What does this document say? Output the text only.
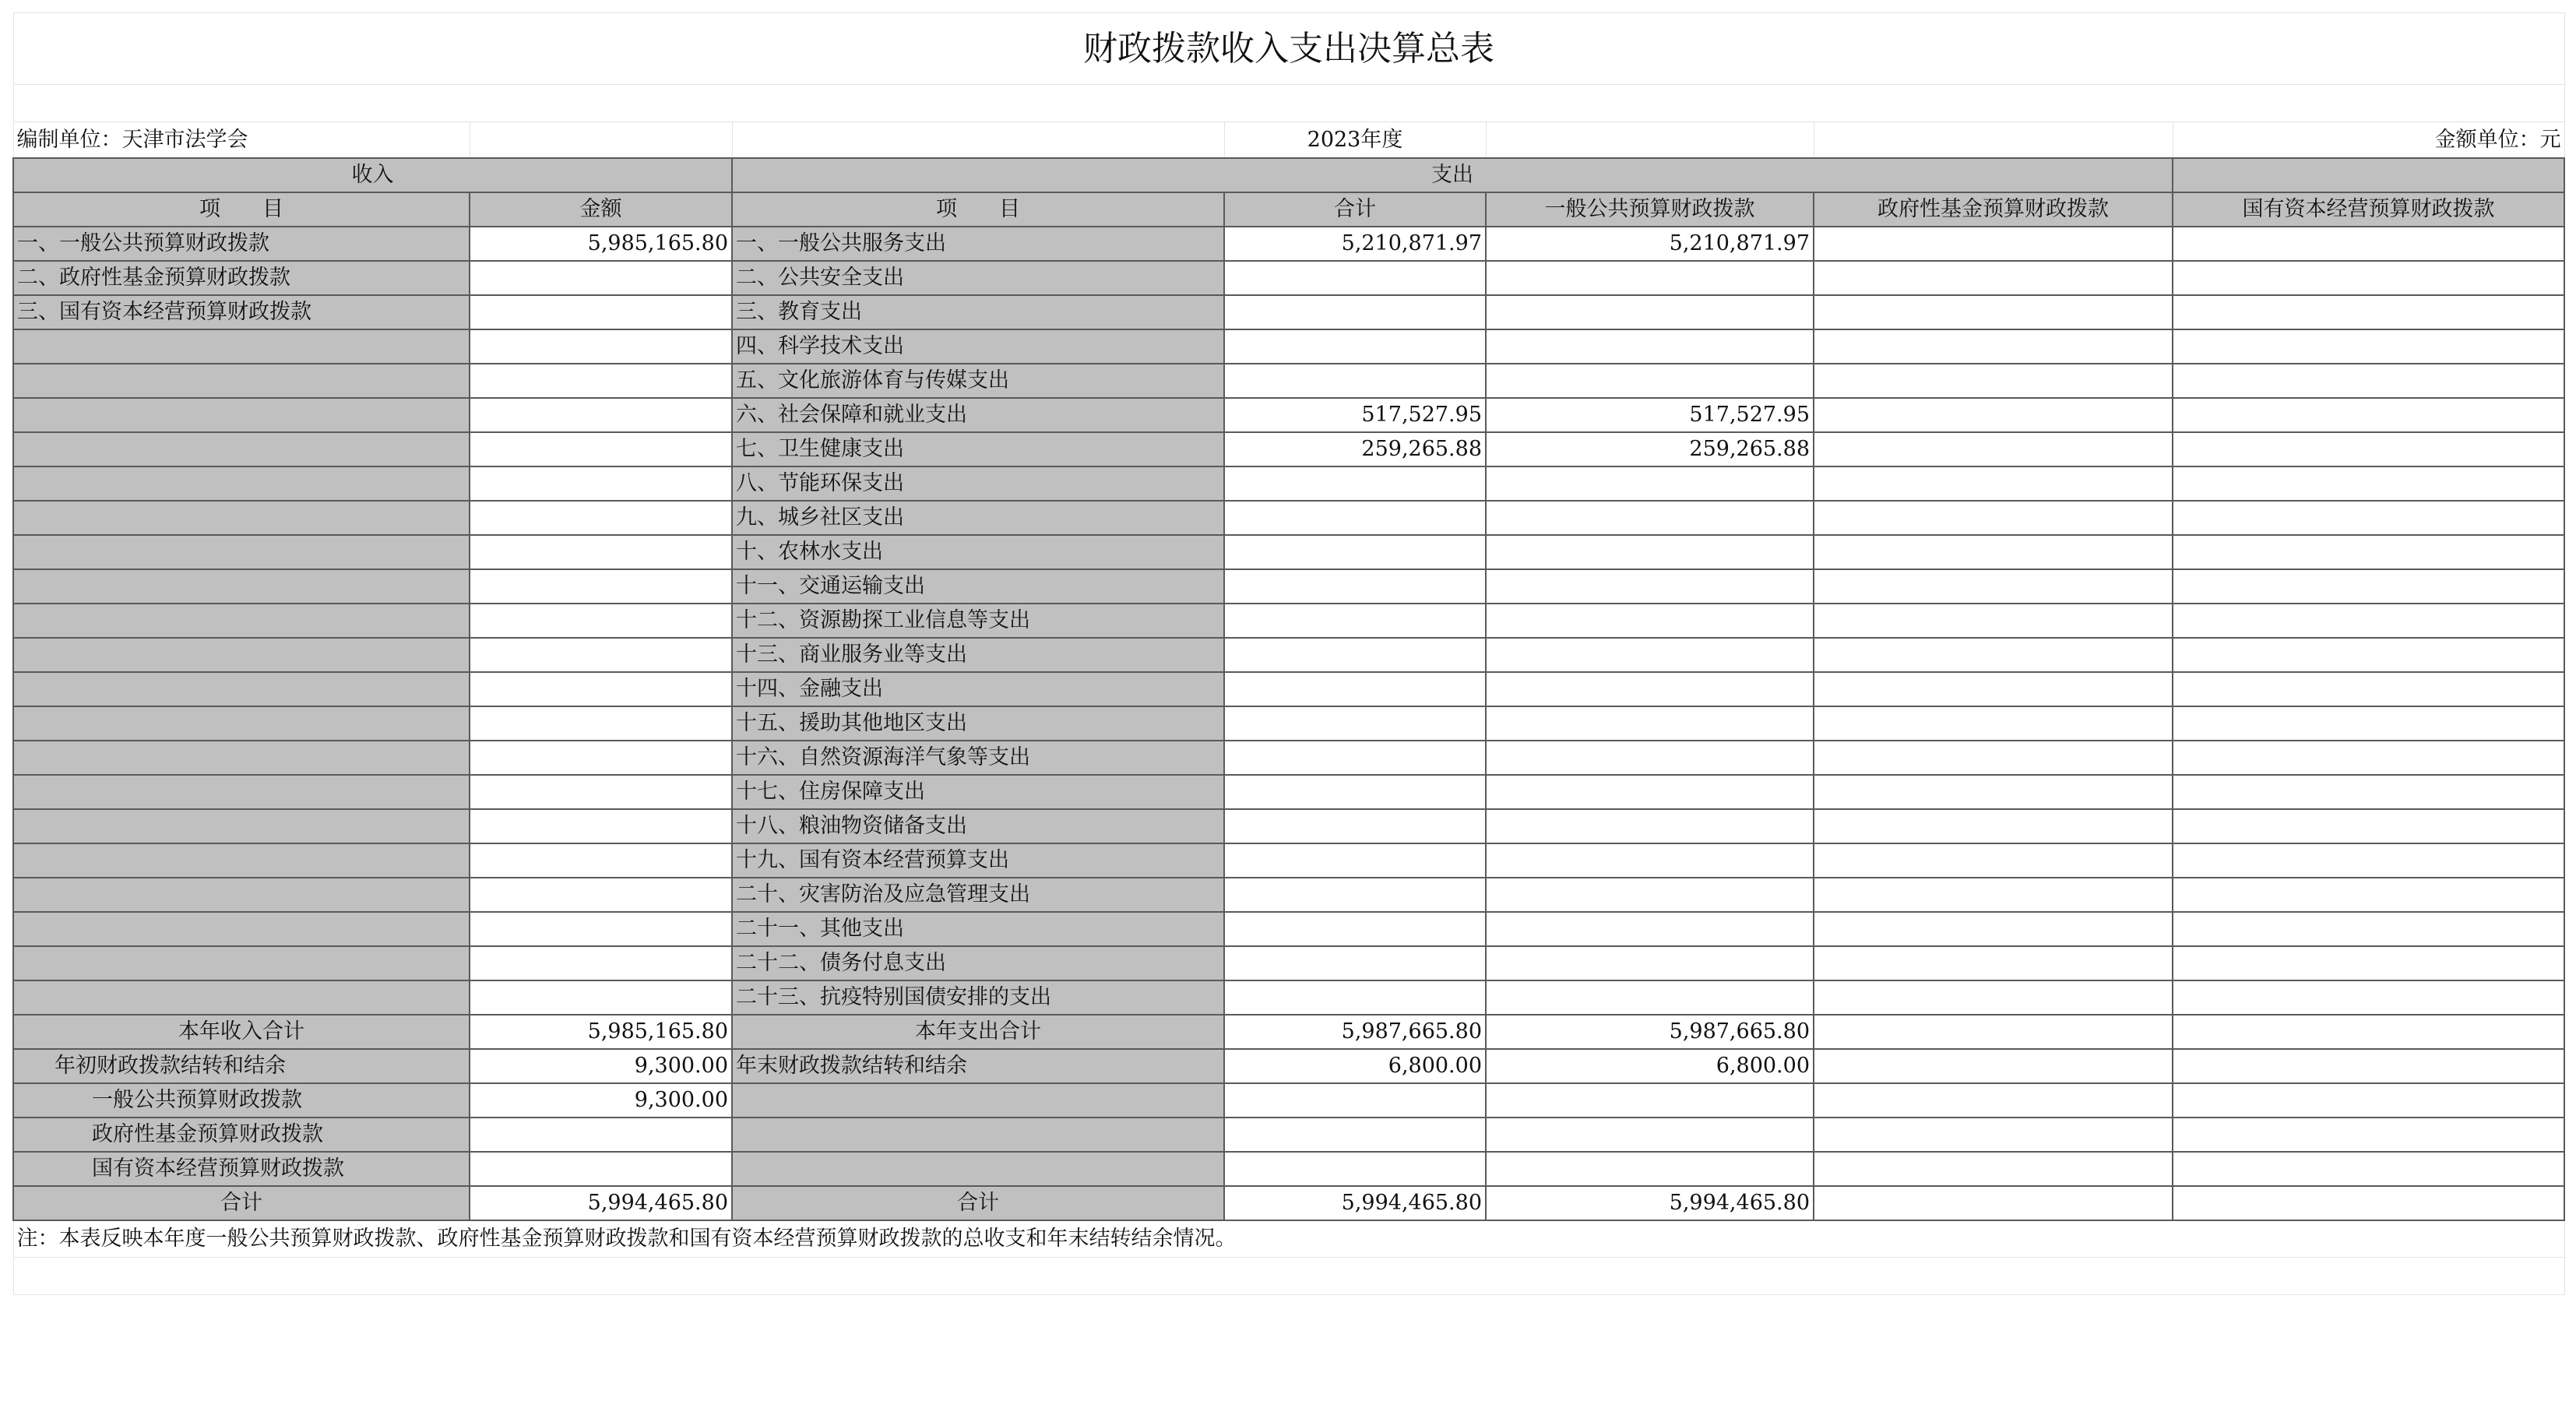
财政拨款收入支出决算总表						

编制单位：天津市法学会			2023年度			金额单位：元
收入		支出				
项　　目	金额	项　　目	合计	一般公共预算财政拨款	政府性基金预算财政拨款	国有资本经营预算财政拨款
一、一般公共预算财政拨款	5,985,165.80	一、一般公共服务支出	5,210,871.97	5,210,871.97		
二、政府性基金预算财政拨款		二、公共安全支出				
三、国有资本经营预算财政拨款		三、教育支出				
		四、科学技术支出				
		五、文化旅游体育与传媒支出				
		六、社会保障和就业支出	517,527.95	517,527.95		
		七、卫生健康支出	259,265.88	259,265.88		
		八、节能环保支出				
		九、城乡社区支出				
		十、农林水支出				
		十一、交通运输支出				
		十二、资源勘探工业信息等支出				
		十三、商业服务业等支出				
		十四、金融支出				
		十五、援助其他地区支出				
		十六、自然资源海洋气象等支出				
		十七、住房保障支出				
		十八、粮油物资储备支出				
		十九、国有资本经营预算支出				
		二十、灾害防治及应急管理支出				
		二十一、其他支出				
		二十二、债务付息支出				
		二十三、抗疫特别国债安排的支出				
本年收入合计	5,985,165.80	本年支出合计	5,987,665.80	5,987,665.80		
年初财政拨款结转和结余	9,300.00	年末财政拨款结转和结余	6,800.00	6,800.00		
一般公共预算财政拨款	9,300.00					
政府性基金预算财政拨款						
国有资本经营预算财政拨款						
合计	5,994,465.80	合计	5,994,465.80	5,994,465.80		
注：本表反映本年度一般公共预算财政拨款、政府性基金预算财政拨款和国有资本经营预算财政拨款的总收支和年末结转结余情况。						
